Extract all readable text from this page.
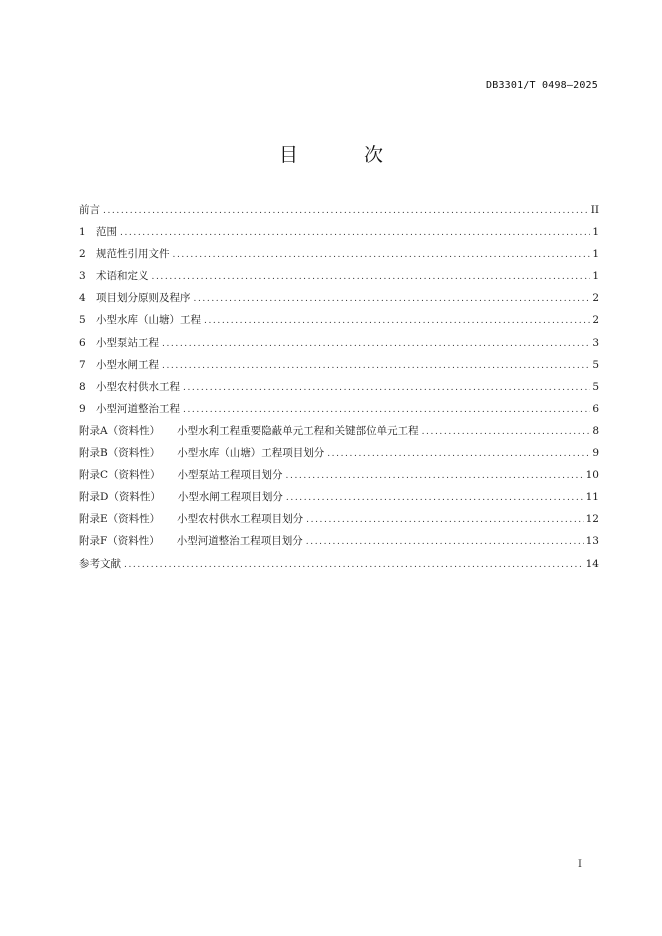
DB3301/T 0498—2025
目 次
前言 .....	II
1 范围 .....	1
2 规范性引用文件 .....	1
3 术语和定义 .....	1
4 项目划分原则及程序 .....	2
5 小型水库（山塘）工程 .....	2
6 小型泵站工程 .....	3
7 小型水闸工程 .....	5
8 小型农村供水工程 .....	5
9 小型河道整治工程 .....	6
附录A（资料性） 小型水利工程重要隐蔽单元工程和关键部位单元工程 .....	8
附录B（资料性） 小型水库（山塘）工程项目划分 .....	9
附录C（资料性） 小型泵站工程项目划分 .....	10
附录D（资料性） 小型水闸工程项目划分 .....	11
附录E（资料性） 小型农村供水工程项目划分 .....	12
附录F（资料性） 小型河道整治工程项目划分 .....	13
参考文献 .....	14
I
